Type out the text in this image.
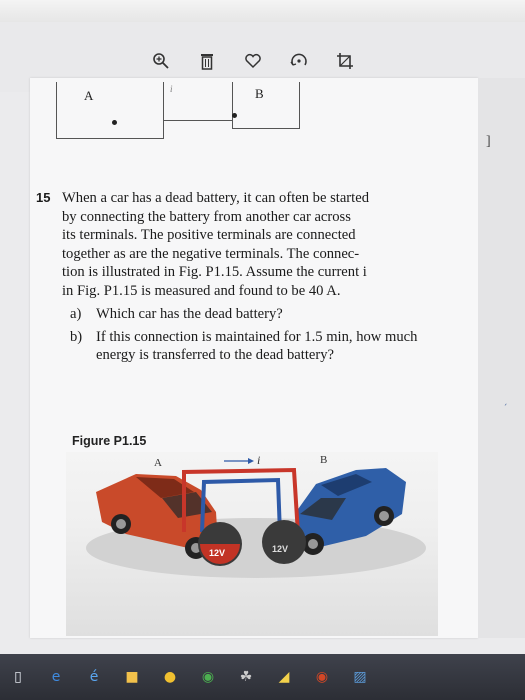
]
´
A	B
i
15 When a car has a dead battery, it can often be started

by connecting the battery from another car across

its terminals. The positive terminals are connected

together as are the negative terminals. The connec-

tion is illustrated in Fig. P1.15. Assume the current i

in Fig. P1.15 is measured and found to be 40 A.

a)	Which car has the dead battery?
b) If this connection is maintained for 1.5 min, how much energy is transferred to the dead battery?
Figure P1.15
i
A	B
12V	12V
▯	e	é	■ ● ◉ ☘	◢	◉ ▨
